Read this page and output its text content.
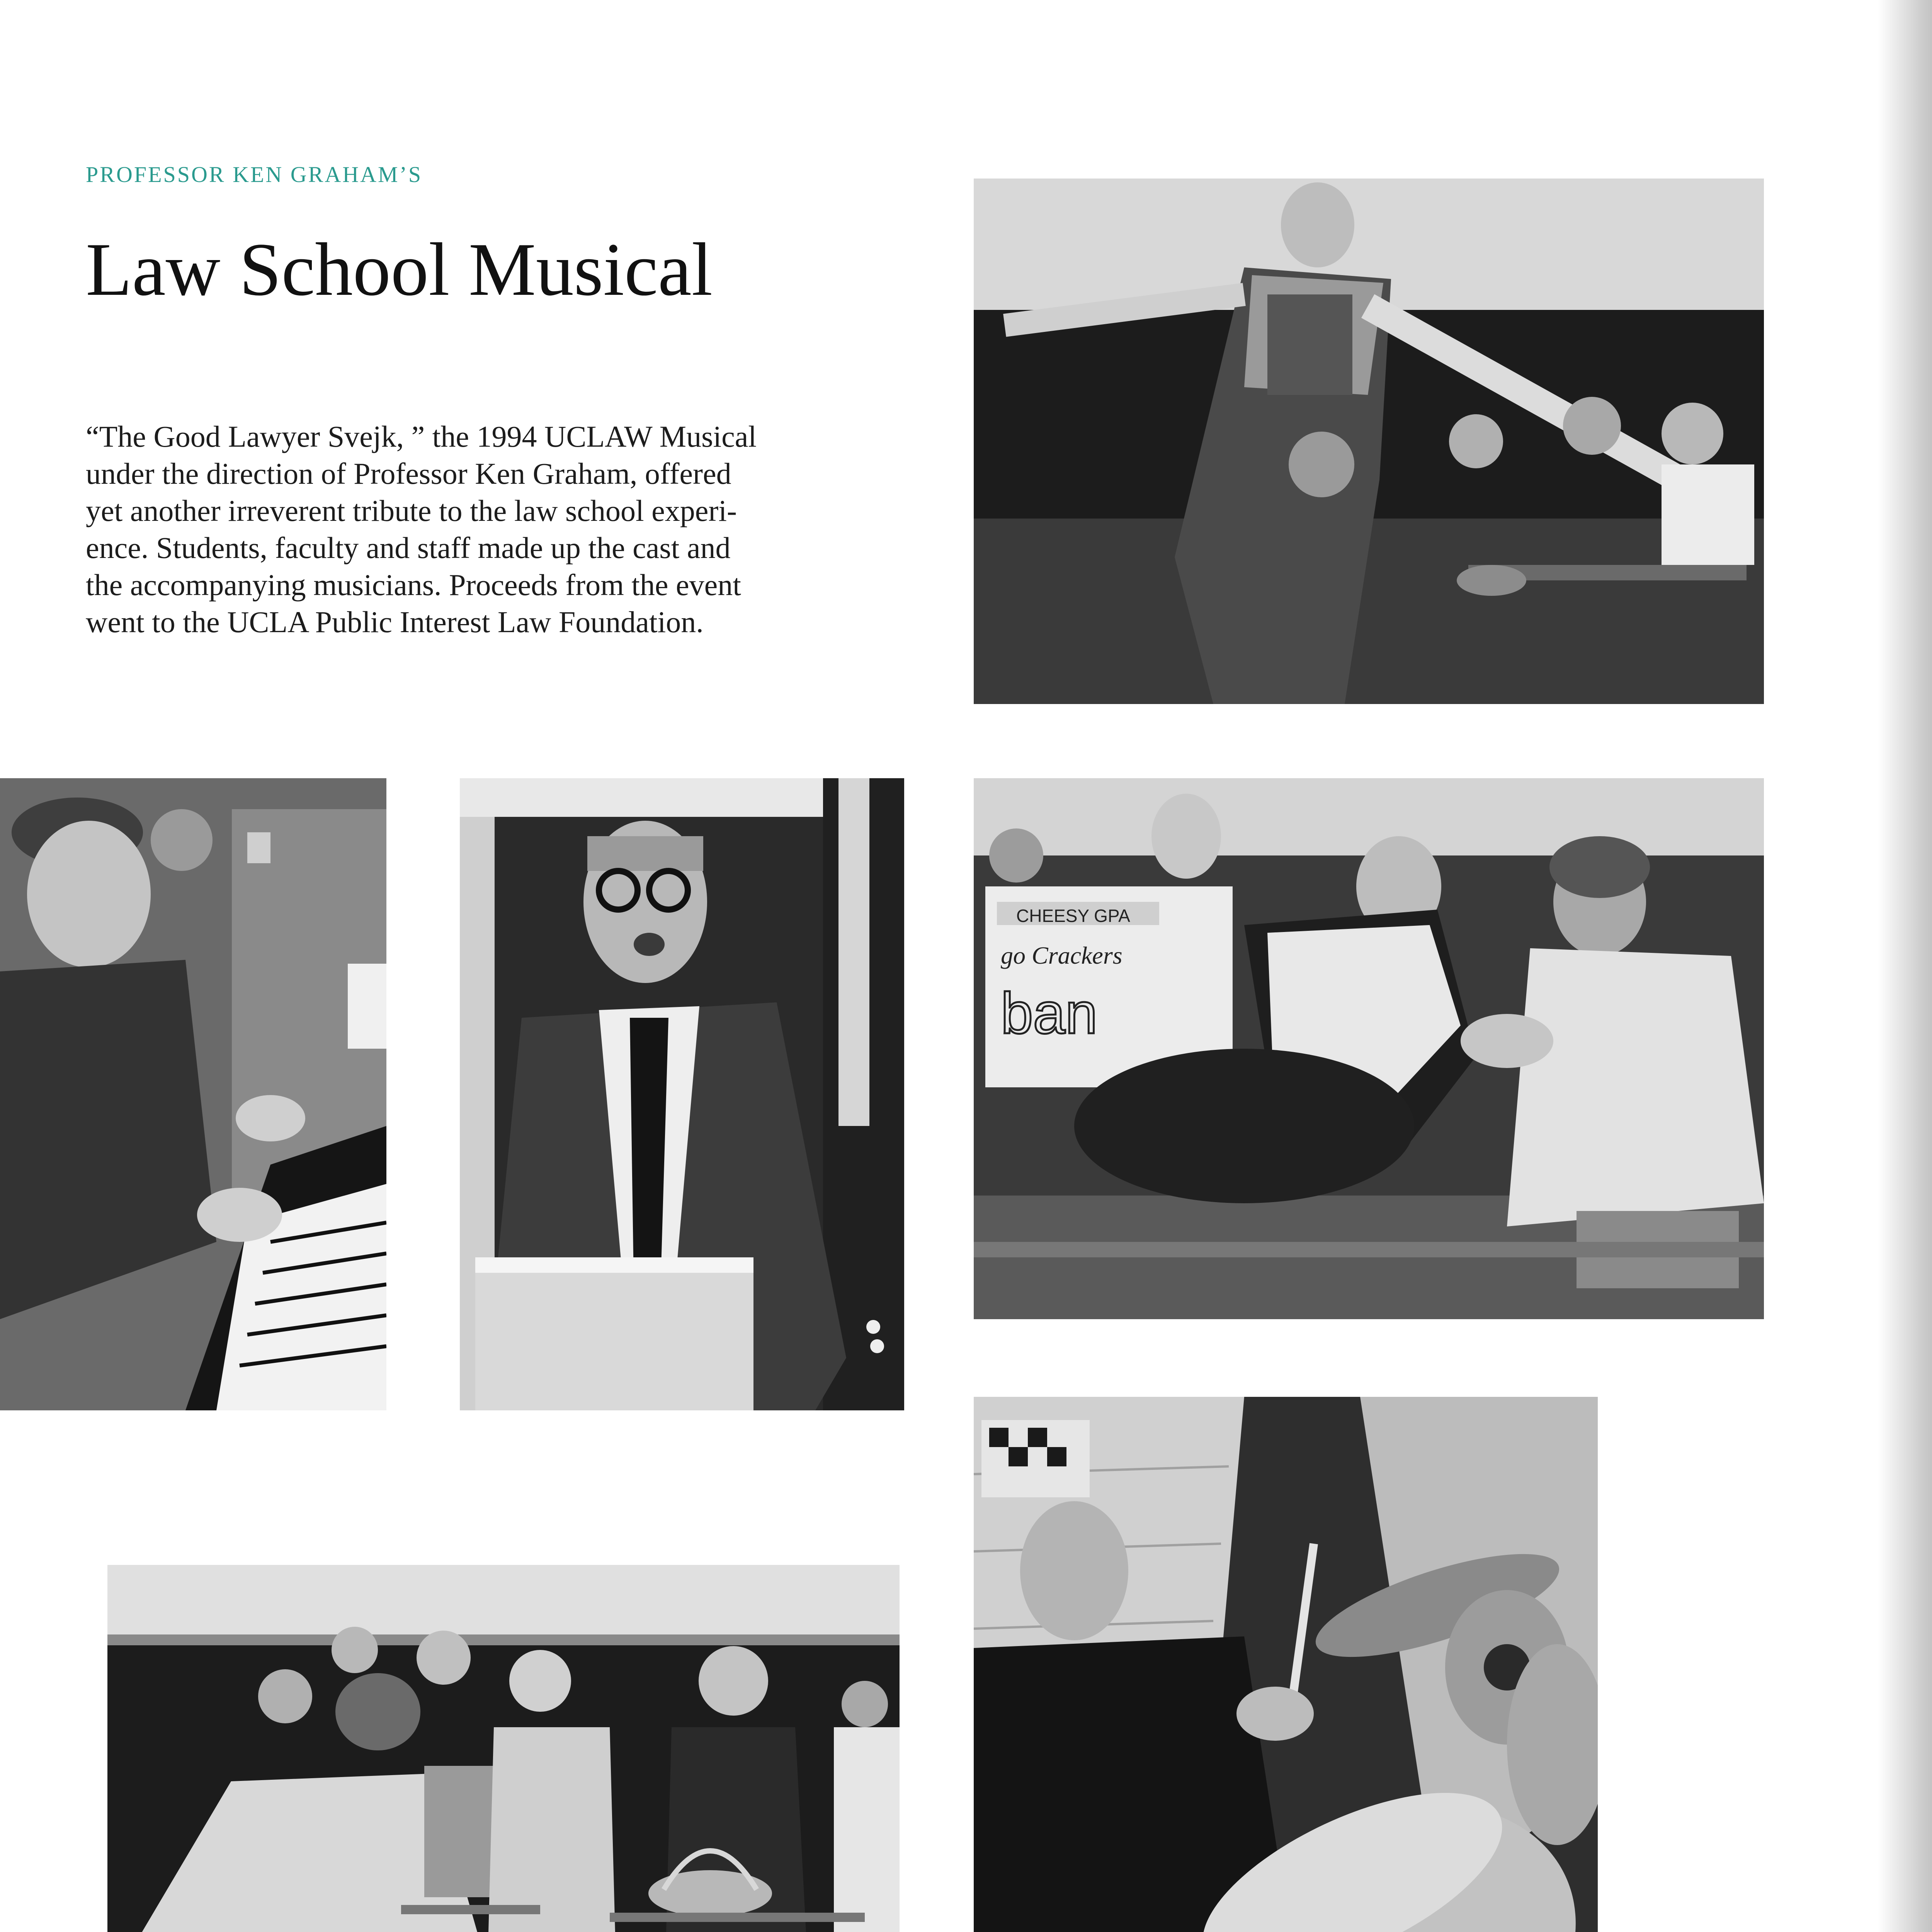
PROFESSOR KEN GRAHAM’S
Law School Musical
“The Good Lawyer Svejk, ” the 1994 UCLAW Musical
under the direction of Professor Ken Graham, offered
yet another irreverent tribute to the law school experi-
ence. Students, faculty and staff made up the cast and
the accompanying musicians. Proceeds from the event
went to the UCLA Public Interest Law Foundation.
CHEESY GPA
go Crackers
ban
